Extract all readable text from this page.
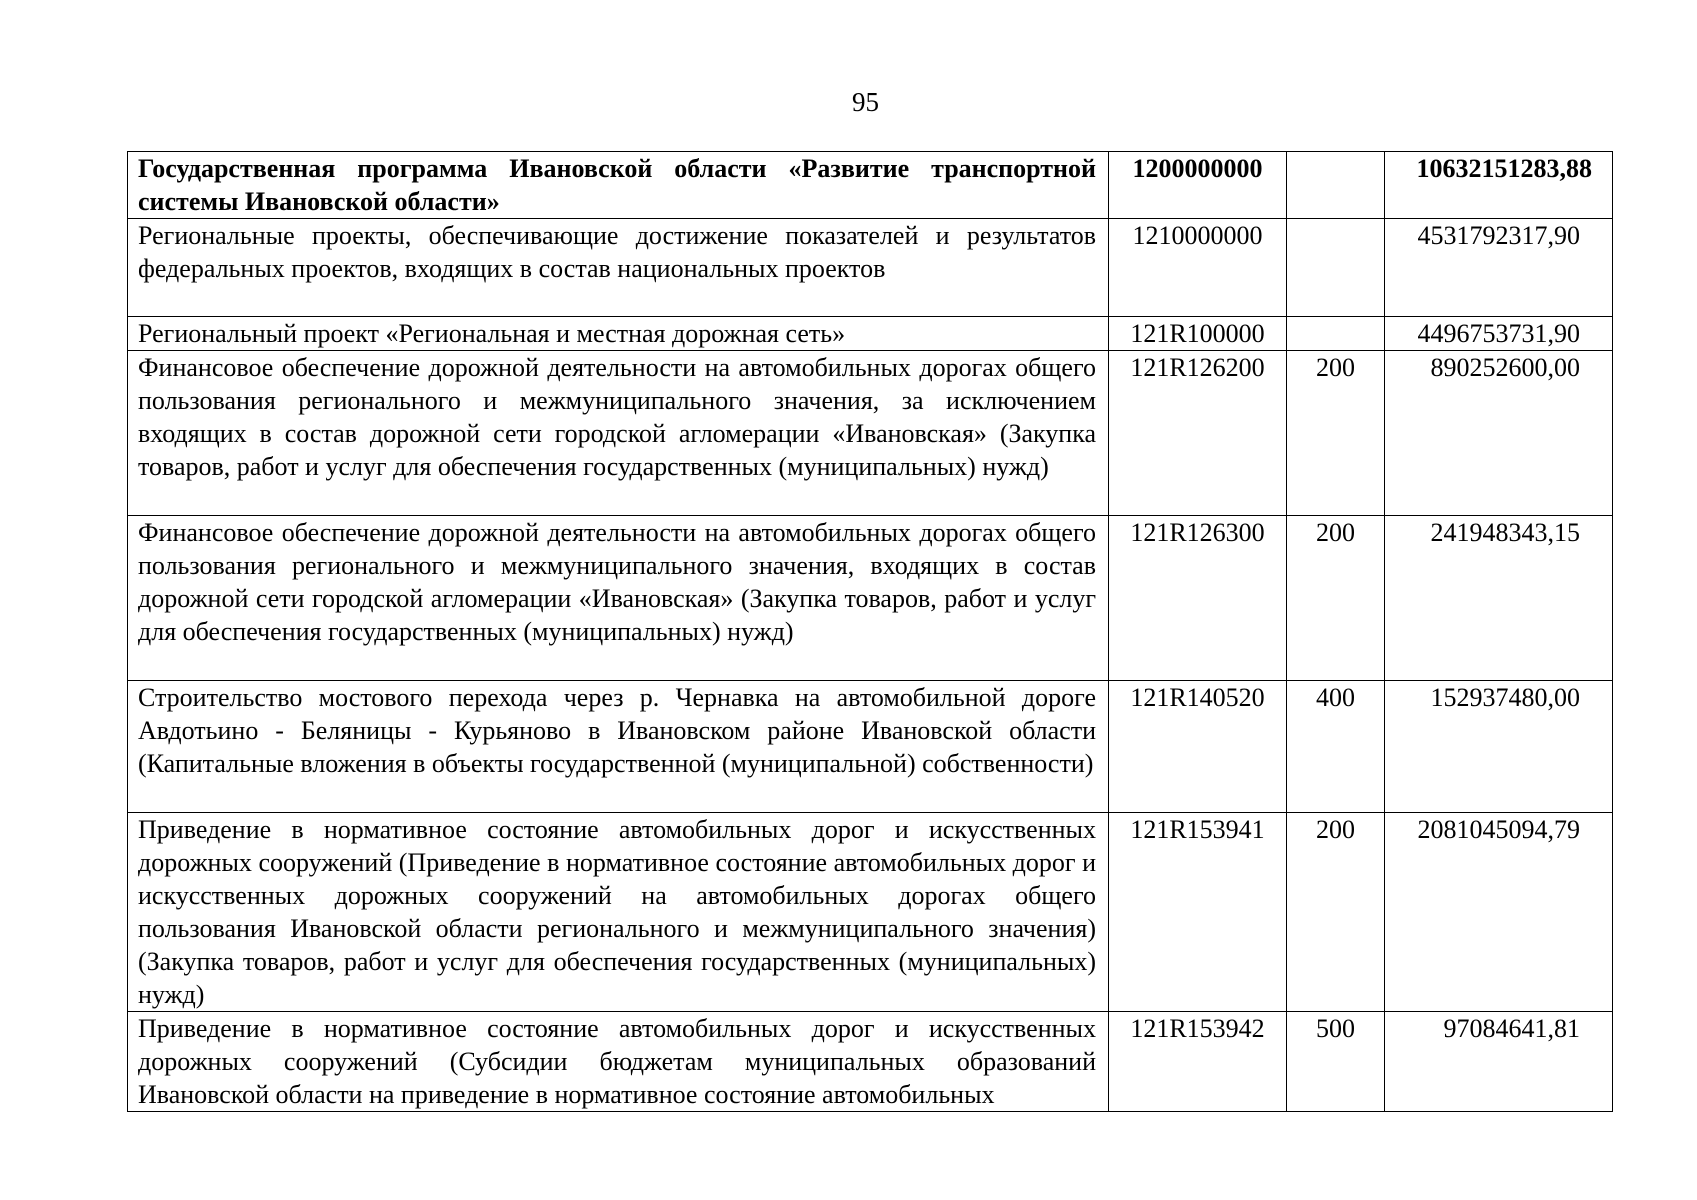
95
Государственная программа Ивановской области «Развитие транспортной системы Ивановской области»	1200000000		10632151283,88
Региональные проекты, обеспечивающие достижение показателей и результатов федеральных проектов, входящих в состав национальных проектов	1210000000		4531792317,90
Региональный проект «Региональная и местная дорожная сеть»	121R100000		4496753731,90
Финансовое обеспечение дорожной деятельности на автомобильных дорогах общего пользования регионального и межмуниципального значения, за исключением входящих в состав дорожной сети городской агломерации «Ивановская» (Закупка товаров, работ и услуг для обеспечения государственных (муниципальных) нужд)	121R126200	200	890252600,00
Финансовое обеспечение дорожной деятельности на автомобильных дорогах общего пользования регионального и межмуниципального значения, входящих в состав дорожной сети городской агломерации «Ивановская» (Закупка товаров, работ и услуг для обеспечения государственных (муниципальных) нужд)	121R126300	200	241948343,15
Строительство мостового перехода через р. Чернавка на автомобильной дороге Авдотьино - Беляницы - Курьяново в Ивановском районе Ивановской области (Капитальные вложения в объекты государственной (муниципальной) собственности)	121R140520	400	152937480,00
Приведение в нормативное состояние автомобильных дорог и искусственных дорожных сооружений (Приведение в нормативное состояние автомобильных дорог и искусственных дорожных сооружений на автомобильных дорогах общего пользования Ивановской области регионального и межмуниципального значения) (Закупка товаров, работ и услуг для обеспечения государственных (муниципальных) нужд)	121R153941	200	2081045094,79
Приведение в нормативное состояние автомобильных дорог и искусственных дорожных сооружений (Субсидии бюджетам муниципальных образований Ивановской области на приведение в нормативное состояние автомобильных	121R153942	500	97084641,81
